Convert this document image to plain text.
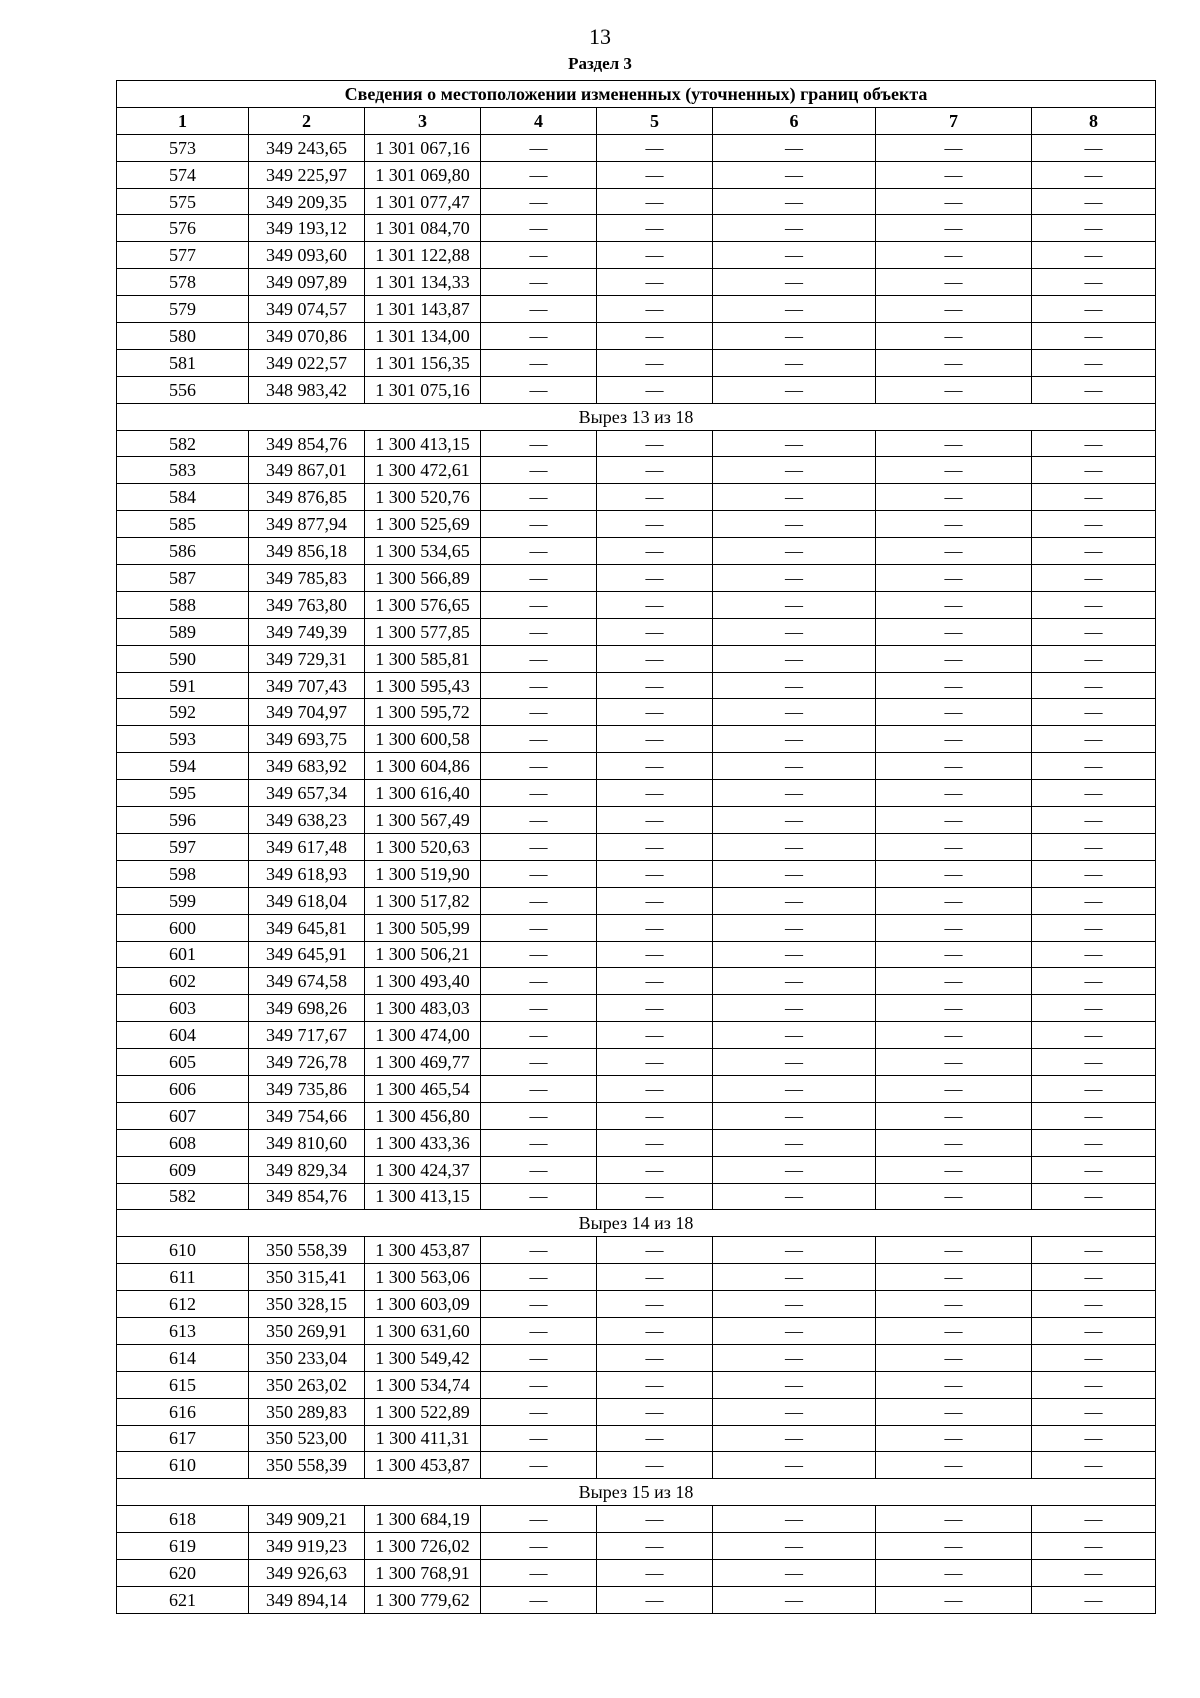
13
Раздел 3
Сведения о местоположении измененных (уточненных) границ объекта							
1	2	3	4	5	6	7	8
573	349 243,65	1 301 067,16	—	—	—	—	—
574	349 225,97	1 301 069,80	—	—	—	—	—
575	349 209,35	1 301 077,47	—	—	—	—	—
576	349 193,12	1 301 084,70	—	—	—	—	—
577	349 093,60	1 301 122,88	—	—	—	—	—
578	349 097,89	1 301 134,33	—	—	—	—	—
579	349 074,57	1 301 143,87	—	—	—	—	—
580	349 070,86	1 301 134,00	—	—	—	—	—
581	349 022,57	1 301 156,35	—	—	—	—	—
556	348 983,42	1 301 075,16	—	—	—	—	—
Вырез 13 из 18							
582	349 854,76	1 300 413,15	—	—	—	—	—
583	349 867,01	1 300 472,61	—	—	—	—	—
584	349 876,85	1 300 520,76	—	—	—	—	—
585	349 877,94	1 300 525,69	—	—	—	—	—
586	349 856,18	1 300 534,65	—	—	—	—	—
587	349 785,83	1 300 566,89	—	—	—	—	—
588	349 763,80	1 300 576,65	—	—	—	—	—
589	349 749,39	1 300 577,85	—	—	—	—	—
590	349 729,31	1 300 585,81	—	—	—	—	—
591	349 707,43	1 300 595,43	—	—	—	—	—
592	349 704,97	1 300 595,72	—	—	—	—	—
593	349 693,75	1 300 600,58	—	—	—	—	—
594	349 683,92	1 300 604,86	—	—	—	—	—
595	349 657,34	1 300 616,40	—	—	—	—	—
596	349 638,23	1 300 567,49	—	—	—	—	—
597	349 617,48	1 300 520,63	—	—	—	—	—
598	349 618,93	1 300 519,90	—	—	—	—	—
599	349 618,04	1 300 517,82	—	—	—	—	—
600	349 645,81	1 300 505,99	—	—	—	—	—
601	349 645,91	1 300 506,21	—	—	—	—	—
602	349 674,58	1 300 493,40	—	—	—	—	—
603	349 698,26	1 300 483,03	—	—	—	—	—
604	349 717,67	1 300 474,00	—	—	—	—	—
605	349 726,78	1 300 469,77	—	—	—	—	—
606	349 735,86	1 300 465,54	—	—	—	—	—
607	349 754,66	1 300 456,80	—	—	—	—	—
608	349 810,60	1 300 433,36	—	—	—	—	—
609	349 829,34	1 300 424,37	—	—	—	—	—
582	349 854,76	1 300 413,15	—	—	—	—	—
Вырез 14 из 18							
610	350 558,39	1 300 453,87	—	—	—	—	—
611	350 315,41	1 300 563,06	—	—	—	—	—
612	350 328,15	1 300 603,09	—	—	—	—	—
613	350 269,91	1 300 631,60	—	—	—	—	—
614	350 233,04	1 300 549,42	—	—	—	—	—
615	350 263,02	1 300 534,74	—	—	—	—	—
616	350 289,83	1 300 522,89	—	—	—	—	—
617	350 523,00	1 300 411,31	—	—	—	—	—
610	350 558,39	1 300 453,87	—	—	—	—	—
Вырез 15 из 18							
618	349 909,21	1 300 684,19	—	—	—	—	—
619	349 919,23	1 300 726,02	—	—	—	—	—
620	349 926,63	1 300 768,91	—	—	—	—	—
621	349 894,14	1 300 779,62	—	—	—	—	—
